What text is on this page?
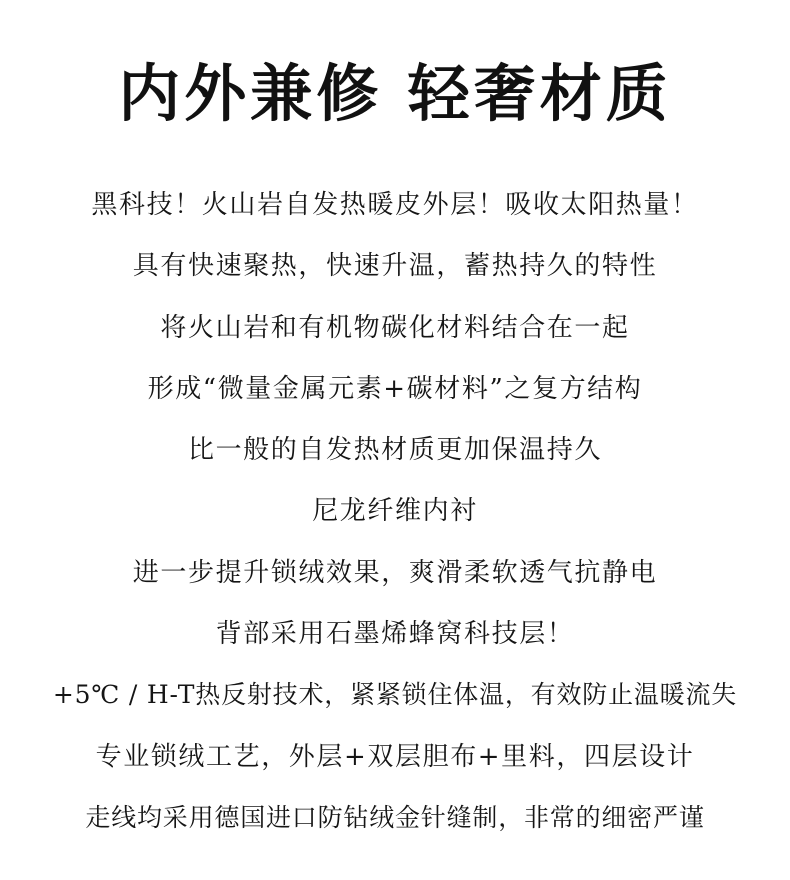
内外兼修 轻奢材质
黑科技！火山岩自发热暖皮外层！吸收太阳热量！
具有快速聚热，快速升温，蓄热持久的特性
将火山岩和有机物碳化材料结合在一起
形成“微量金属元素+碳材料”之复方结构
比一般的自发热材质更加保温持久
尼龙纤维内衬
进一步提升锁绒效果，爽滑柔软透气抗静电
背部采用石墨烯蜂窝科技层！
+5℃ / H-T热反射技术，紧紧锁住体温，有效防止温暖流失
专业锁绒工艺，外层+双层胆布+里料，四层设计
走线均采用德国进口防钻绒金针缝制，非常的细密严谨
